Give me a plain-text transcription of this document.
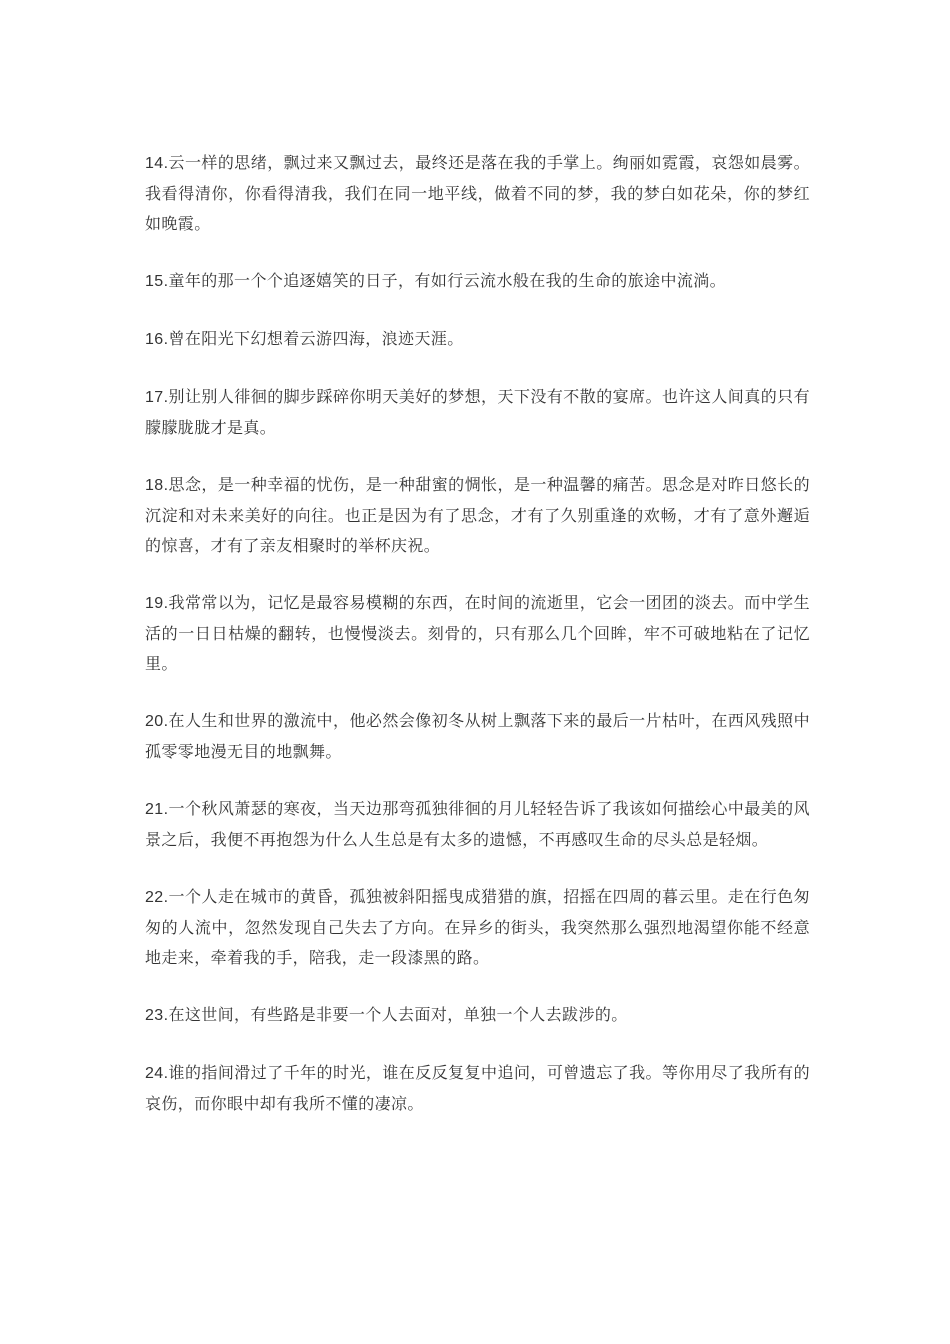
14.云一样的思绪，飘过来又飘过去，最终还是落在我的手掌上。绚丽如霓霞，哀怨如晨雾。我看得清你，你看得清我，我们在同一地平线，做着不同的梦，我的梦白如花朵，你的梦红如晚霞。

15.童年的那一个个追逐嬉笑的日子，有如行云流水般在我的生命的旅途中流淌。

16.曾在阳光下幻想着云游四海，浪迹天涯。

17.别让别人徘徊的脚步踩碎你明天美好的梦想，天下没有不散的宴席。也许这人间真的只有朦朦胧胧才是真。

18.思念，是一种幸福的忧伤，是一种甜蜜的惆怅，是一种温馨的痛苦。思念是对昨日悠长的沉淀和对未来美好的向往。也正是因为有了思念，才有了久别重逢的欢畅，才有了意外邂逅的惊喜，才有了亲友相聚时的举杯庆祝。

19.我常常以为，记忆是最容易模糊的东西，在时间的流逝里，它会一团团的淡去。而中学生活的一日日枯燥的翻转，也慢慢淡去。刻骨的，只有那么几个回眸，牢不可破地粘在了记忆里。

20.在人生和世界的激流中，他必然会像初冬从树上飘落下来的最后一片枯叶，在西风残照中孤零零地漫无目的地飘舞。

21.一个秋风萧瑟的寒夜，当天边那弯孤独徘徊的月儿轻轻告诉了我该如何描绘心中最美的风景之后，我便不再抱怨为什么人生总是有太多的遗憾，不再感叹生命的尽头总是轻烟。

22.一个人走在城市的黄昏，孤独被斜阳摇曳成猎猎的旗，招摇在四周的暮云里。走在行色匆匆的人流中，忽然发现自己失去了方向。在异乡的街头，我突然那么强烈地渴望你能不经意地走来，牵着我的手，陪我，走一段漆黑的路。

23.在这世间，有些路是非要一个人去面对，单独一个人去跋涉的。

24.谁的指间滑过了千年的时光，谁在反反复复中追问，可曾遗忘了我。等你用尽了我所有的哀伤，而你眼中却有我所不懂的凄凉。
